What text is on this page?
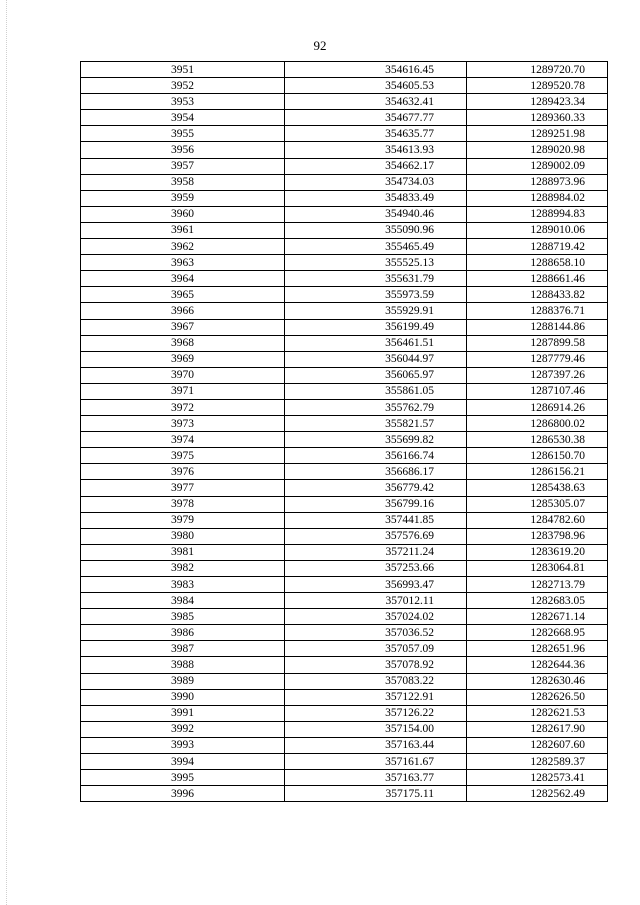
92
3951	354616.45	1289720.70
3952	354605.53	1289520.78
3953	354632.41	1289423.34
3954	354677.77	1289360.33
3955	354635.77	1289251.98
3956	354613.93	1289020.98
3957	354662.17	1289002.09
3958	354734.03	1288973.96
3959	354833.49	1288984.02
3960	354940.46	1288994.83
3961	355090.96	1289010.06
3962	355465.49	1288719.42
3963	355525.13	1288658.10
3964	355631.79	1288661.46
3965	355973.59	1288433.82
3966	355929.91	1288376.71
3967	356199.49	1288144.86
3968	356461.51	1287899.58
3969	356044.97	1287779.46
3970	356065.97	1287397.26
3971	355861.05	1287107.46
3972	355762.79	1286914.26
3973	355821.57	1286800.02
3974	355699.82	1286530.38
3975	356166.74	1286150.70
3976	356686.17	1286156.21
3977	356779.42	1285438.63
3978	356799.16	1285305.07
3979	357441.85	1284782.60
3980	357576.69	1283798.96
3981	357211.24	1283619.20
3982	357253.66	1283064.81
3983	356993.47	1282713.79
3984	357012.11	1282683.05
3985	357024.02	1282671.14
3986	357036.52	1282668.95
3987	357057.09	1282651.96
3988	357078.92	1282644.36
3989	357083.22	1282630.46
3990	357122.91	1282626.50
3991	357126.22	1282621.53
3992	357154.00	1282617.90
3993	357163.44	1282607.60
3994	357161.67	1282589.37
3995	357163.77	1282573.41
3996	357175.11	1282562.49
